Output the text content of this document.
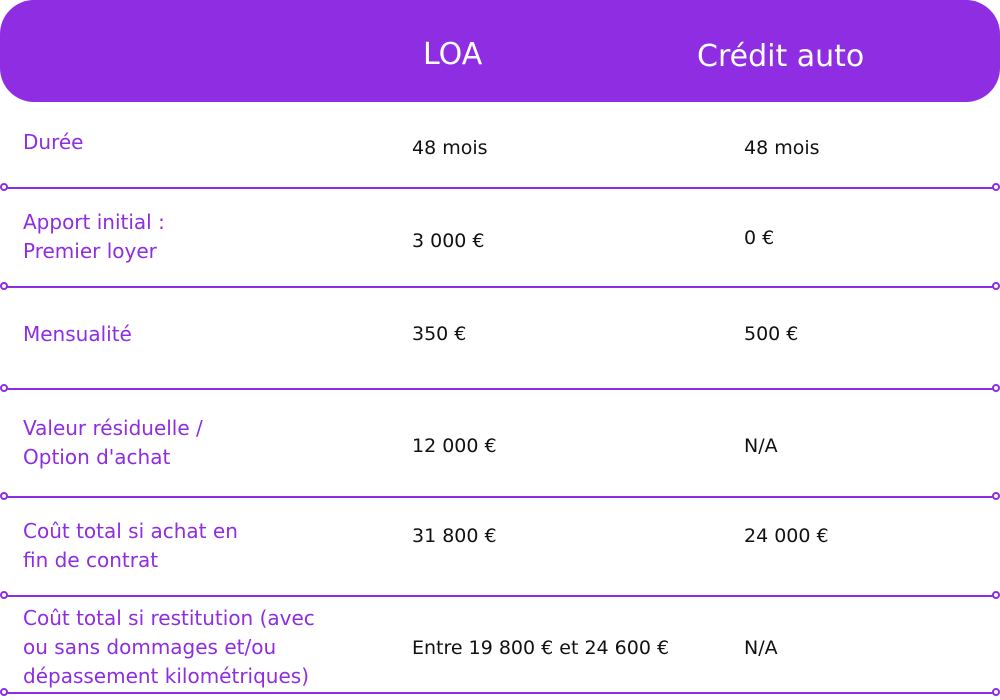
LOA	Crédit auto
Durée	48 mois	48 mois
Apport initial :
Premier loyer	3 000 €	0 €
Mensualité	350 €	500 €
Valeur résiduelle /
Option d'achat	12 000 €	N/A
Coût total si achat en
fin de contrat
31 800 €	24 000 €
Coût total si restitution (avec
ou sans dommages et/ou
dépassement kilométriques)
Entre 19 800 € et 24 600 €	N/A
